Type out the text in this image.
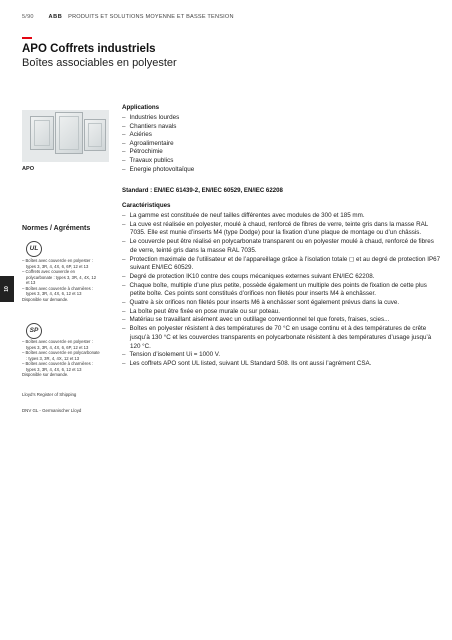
5/90	ABB PRODUITS ET SOLUTIONS MOYENNE ET BASSE TENSION
APO Coffrets industriels
Boîtes associables en polyester
10
APO
Applications
– Industries lourdes
– Chantiers navals
– Aciéries
– Agroalimentaire
– Pétrochimie
– Travaux publics
– Energie photovoltaïque
Standard : EN/IEC 61439-2, EN/IEC 60529, EN/IEC 62208
Caractéristiques
– La gamme est constituée de neuf tailles différentes avec modules de 300 et 185 mm.
– La cuve est réalisée en polyester, moulé à chaud, renforcé de fibres de verre, teinte gris dans la masse RAL 7035. Elle est munie d’inserts M4 (type Dodge) pour la fixation d’une plaque de montage ou d’un châssis.
– Le couvercle peut être réalisé en polycarbonate transparent ou en polyester moulé à chaud, renforcé de fibres de verre, teinté gris dans la masse RAL 7035.
– Protection maximale de l’utilisateur et de l’appareillage grâce à l’isolation totale ◻ et au degré de protection IP67 suivant EN/IEC 60529.
– Degré de protection IK10 contre des coups mécaniques externes suivant EN/IEC 62208.
– Chaque boîte, multiple d’une plus petite, possède également un multiple des points de fixation de cette plus petite boîte. Ces points sont constitués d’orifices non filetés pour inserts M4 à enchâsser.
– Quatre à six orifices non filetés pour inserts M6 à enchâsser sont également prévus dans la cuve.
– La boîte peut être fixée en pose murale ou sur poteau.
– Matériau se travaillant aisément avec un outillage conventionnel tel que forets, fraises, scies...
– Boîtes en polyester résistent à des températures de 70 °C en usage continu et à des températures de crête jusqu’à 130 °C et les couvercles transparents en polycarbonate résistent à des températures d’usage jusqu’à 120 °C.
– Tension d’isolement Ui = 1000 V.
– Les coffrets APO sont UL listed, suivant UL Standard 508. Ils ont aussi l’agrément CSA.
Normes / Agréments
UL
– Boîtes avec couvercle en polyester : types 3, 3R, 4, 4X, 6, 6P, 12 et 13
– Coffrets avec couvercle en polycarbonate : types 3, 3R, 4, 4X, 12 et 13
– Boîtes avec couvercle à charnières : types 3, 3R, 4, 4X, 6, 12 et 13
Disponible sur demande.
SP
– Boîtes avec couvercle en polyester : types 3, 3R, 4, 4X, 6, 6P, 12 et 13
– Boîtes avec couvercle en polycarbonate : types 3, 3R, 4, 4X, 12 et 13
– Boîtes avec couvercle à charnières : types 3, 3R, 4, 4X, 6, 12 et 13
Disponible sur demande.
Lloyd’s Register of Shipping
DNV GL - Germanischer Lloyd
